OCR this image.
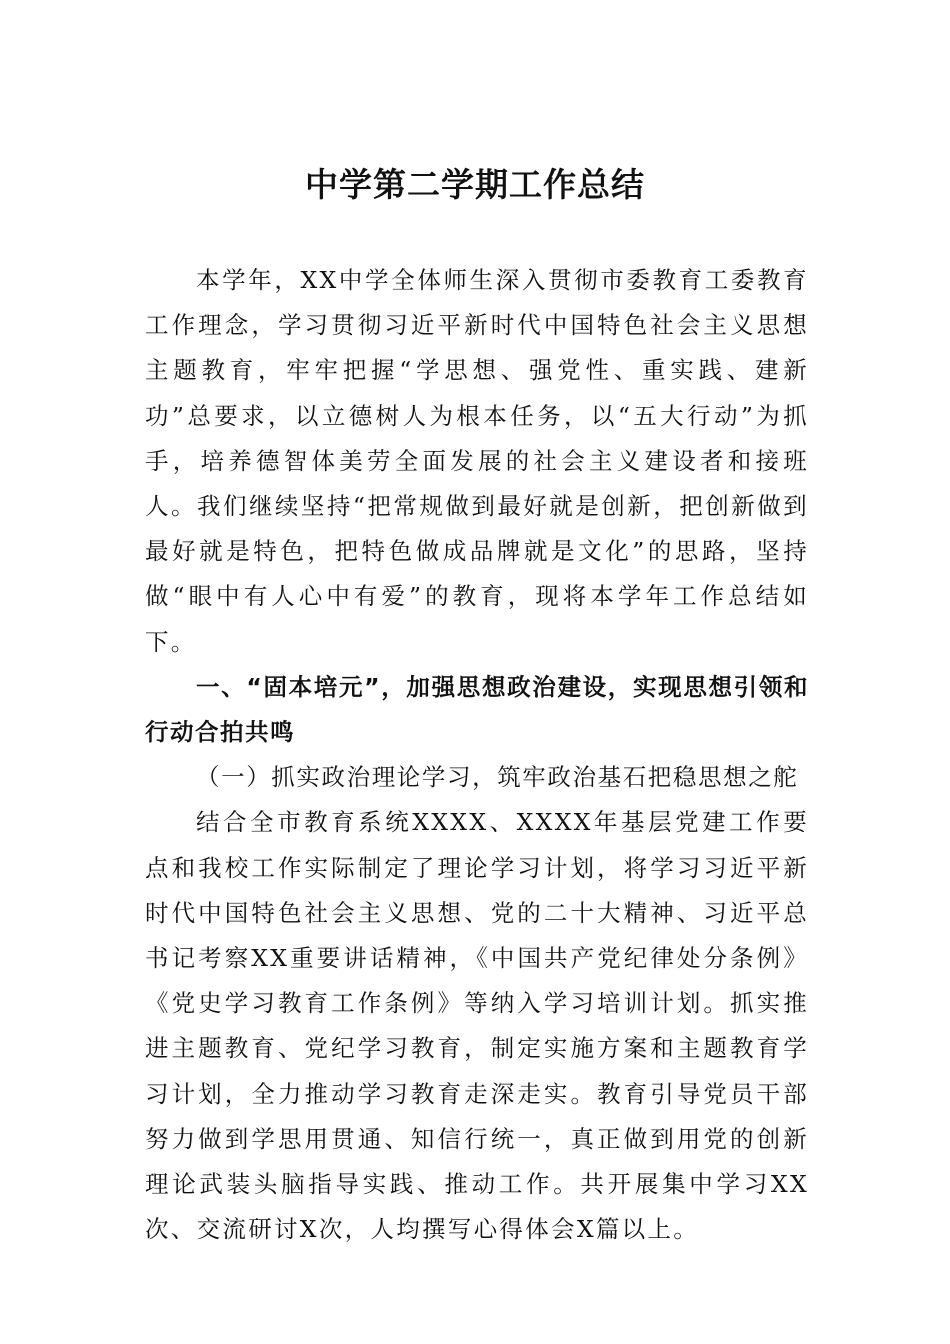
中学第二学期工作总结

本学年，XX中学全体师生深入贯彻市委教育工委教育工作理念，学习贯彻习近平新时代中国特色社会主义思想主题教育，牢牢把握“学思想、强党性、重实践、建新功”总要求，以立德树人为根本任务，以“五大行动”为抓手，培养德智体美劳全面发展的社会主义建设者和接班人。我们继续坚持“把常规做到最好就是创新，把创新做到最好就是特色，把特色做成品牌就是文化”的思路，坚持做“眼中有人心中有爱”的教育，现将本学年工作总结如下。

一、“固本培元”，加强思想政治建设，实现思想引领和行动合拍共鸣

（一）抓实政治理论学习，筑牢政治基石把稳思想之舵

结合全市教育系统XXXX、XXXX年基层党建工作要点和我校工作实际制定了理论学习计划，将学习习近平新时代中国特色社会主义思想、党的二十大精神、习近平总书记考察XX重要讲话精神，《中国共产党纪律处分条例》《党史学习教育工作条例》等纳入学习培训计划。抓实推进主题教育、党纪学习教育，制定实施方案和主题教育学习计划，全力推动学习教育走深走实。教育引导党员干部努力做到学思用贯通、知信行统一，真正做到用党的创新理论武装头脑指导实践、推动工作。共开展集中学习XX次、交流研讨X次，人均撰写心得体会X篇以上。
